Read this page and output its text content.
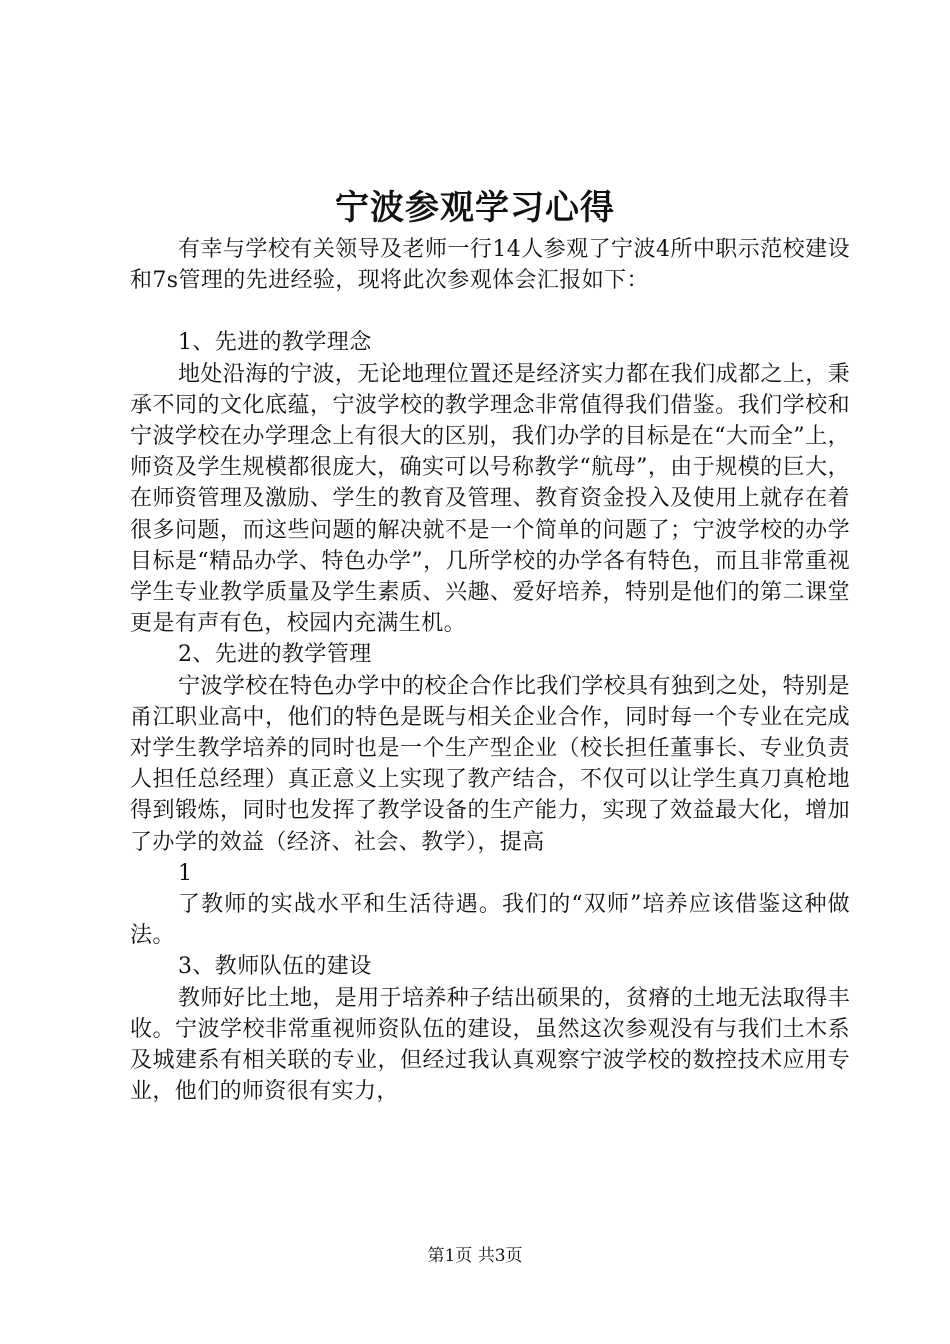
宁波参观学习心得

有幸与学校有关领导及老师一行14人参观了宁波4所中职示范校建设和7s管理的先进经验，现将此次参观体会汇报如下：

1、先进的教学理念

地处沿海的宁波，无论地理位置还是经济实力都在我们成都之上，秉承不同的文化底蕴，宁波学校的教学理念非常值得我们借鉴。我们学校和宁波学校在办学理念上有很大的区别，我们办学的目标是在“大而全”上，师资及学生规模都很庞大，确实可以号称教学“航母”，由于规模的巨大，在师资管理及激励、学生的教育及管理、教育资金投入及使用上就存在着很多问题，而这些问题的解决就不是一个简单的问题了；宁波学校的办学目标是“精品办学、特色办学”，几所学校的办学各有特色，而且非常重视学生专业教学质量及学生素质、兴趣、爱好培养，特别是他们的第二课堂更是有声有色，校园内充满生机。

2、先进的教学管理

宁波学校在特色办学中的校企合作比我们学校具有独到之处，特别是甬江职业高中，他们的特色是既与相关企业合作，同时每一个专业在完成对学生教学培养的同时也是一个生产型企业（校长担任董事长、专业负责人担任总经理）真正意义上实现了教产结合，不仅可以让学生真刀真枪地得到锻炼，同时也发挥了教学设备的生产能力，实现了效益最大化，增加了办学的效益（经济、社会、教学），提高

1

了教师的实战水平和生活待遇。我们的“双师”培养应该借鉴这种做法。

3、教师队伍的建设

教师好比土地，是用于培养种子结出硕果的，贫瘠的土地无法取得丰收。宁波学校非常重视师资队伍的建设，虽然这次参观没有与我们土木系及城建系有相关联的专业，但经过我认真观察宁波学校的数控技术应用专业，他们的师资很有实力，

第1页 共3页
